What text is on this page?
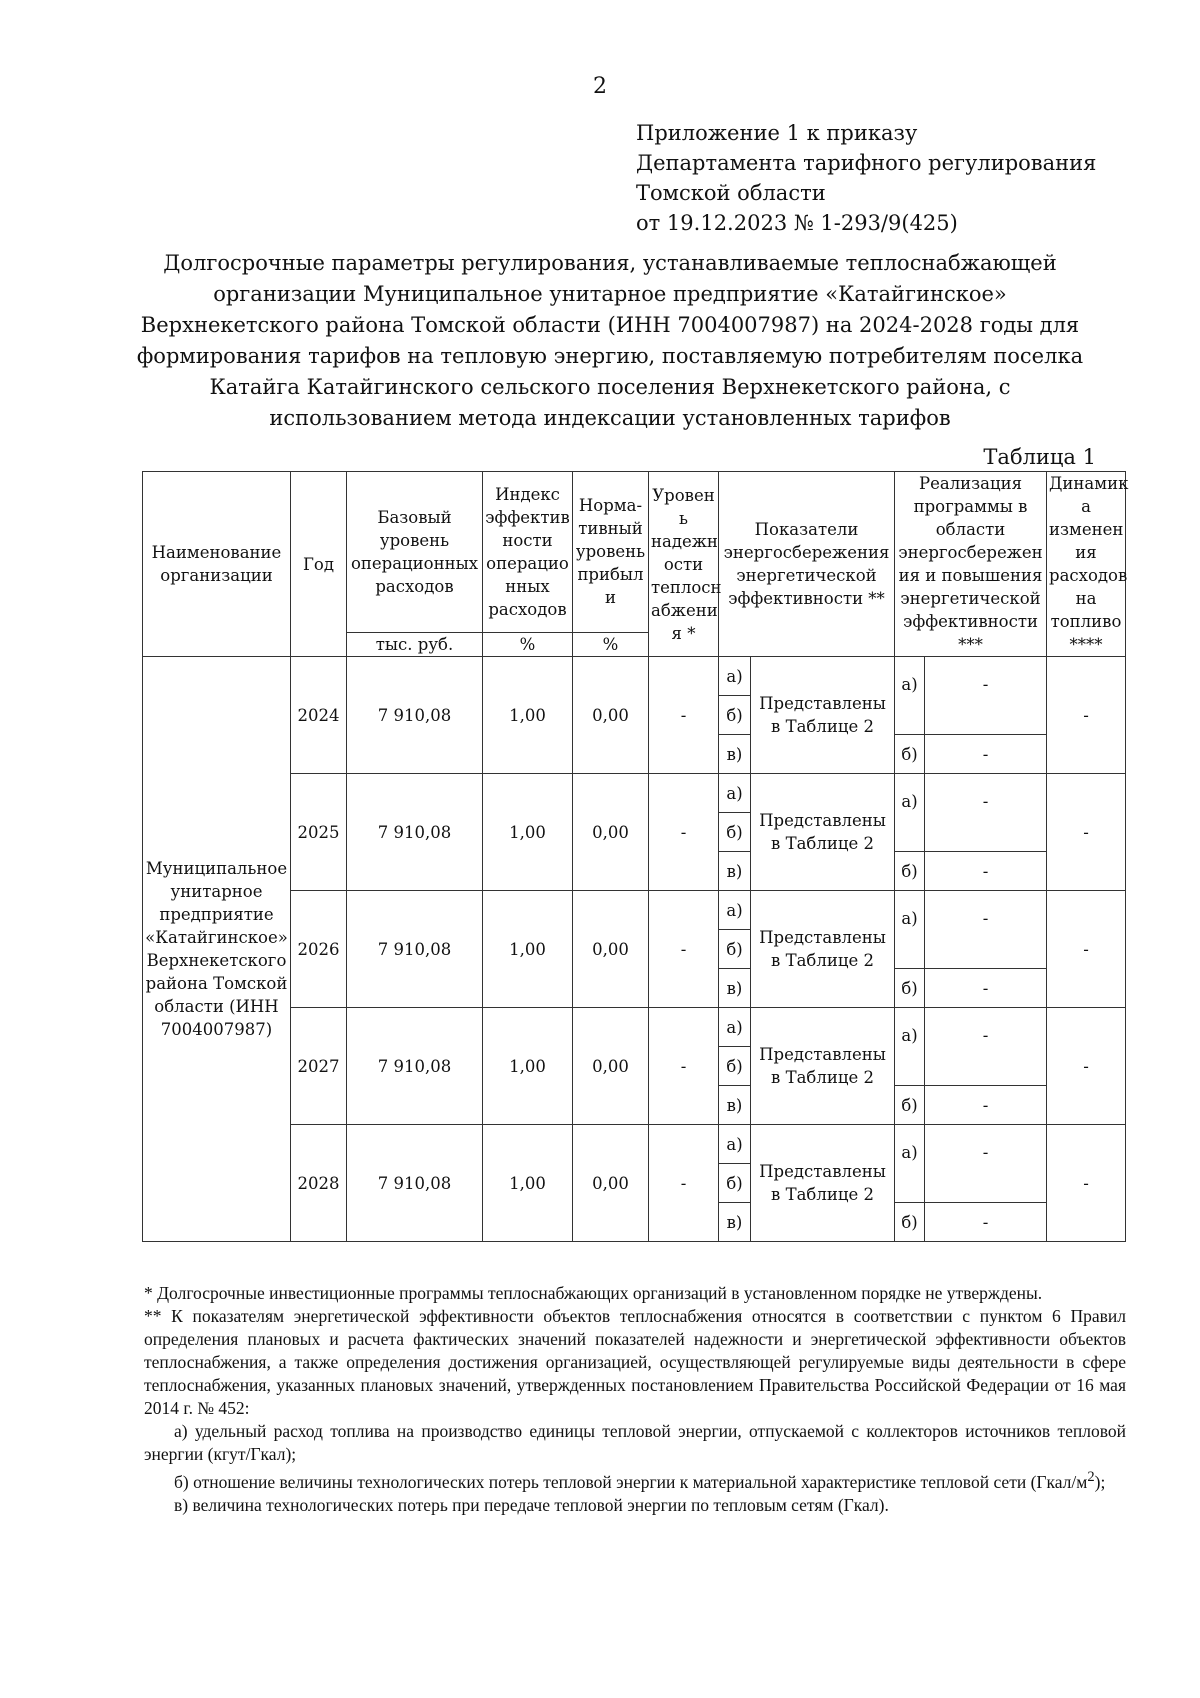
2
Приложение 1 к приказу
Департамента тарифного регулирования
Томской области
от 19.12.2023 № 1-293/9(425)
Долгосрочные параметры регулирования, устанавливаемые теплоснабжающей
организации Муниципальное унитарное предприятие «Катайгинское»
Верхнекетского района Томской области (ИНН 7004007987) на 2024-2028 годы для
формирования тарифов на тепловую энергию, поставляемую потребителям поселка
Катайга Катайгинского сельского поселения Верхнекетского района, с
использованием метода индексации установленных тарифов
Таблица 1
Наименование организации	Год	Базовый уровень операционных расходов	Индекс эффектив ности операцио нных расходов	Норма-тивный уровень прибыл и	Уровен ь надежн ости теплосн абжени я *	Показатели энергосбережения энергетической эффективности **		Реализация программы в области энергосбережен ия и повышения энергетической эффективности ***		Динамик а изменен ия расходов на топливо ****
		тыс. руб.	%	%						
Муниципальное унитарное предприятие «Катайгинское» Верхнекетского района Томской области (ИНН 7004007987)	2024	7 910,08	1,00	0,00	-	а)	Представлены в Таблице 2	а)	-	-
						б)				
						в)		б)	-	
	2025	7 910,08	1,00	0,00	-	а)	Представлены в Таблице 2	а)	-	-
						б)				
						в)		б)	-	
	2026	7 910,08	1,00	0,00	-	а)	Представлены в Таблице 2	а)	-	-
						б)				
						в)		б)	-	
	2027	7 910,08	1,00	0,00	-	а)	Представлены в Таблице 2	а)	-	-
						б)				
						в)		б)	-	
	2028	7 910,08	1,00	0,00	-	а)	Представлены в Таблице 2	а)	-	-
						б)				
						в)		б)	-	

* Долгосрочные инвестиционные программы теплоснабжающих организаций в установленном порядке не утверждены.

** К показателям энергетической эффективности объектов теплоснабжения относятся в соответствии с пунктом 6 Правил определения плановых и расчета фактических значений показателей надежности и энергетической эффективности объектов теплоснабжения, а также определения достижения организацией, осуществляющей регулируемые виды деятельности в сфере теплоснабжения, указанных плановых значений, утвержденных постановлением Правительства Российской Федерации от 16 мая 2014 г. № 452:

а) удельный расход топлива на производство единицы тепловой энергии, отпускаемой с коллекторов источников тепловой энергии (кгут/Гкал);

б) отношение величины технологических потерь тепловой энергии к материальной характеристике тепловой сети $(Гкал/м^2)$;

в) величина технологических потерь при передаче тепловой энергии по тепловым сетям (Гкал).
